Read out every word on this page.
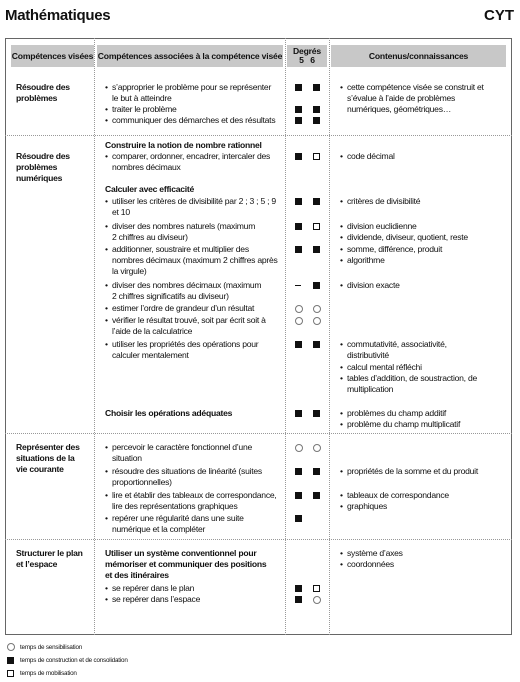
Mathématiques	CYT
Compétences visées Compétences associées à la compétence visée Degrés
5 6	Contenus/connaissances
Résoudre des
problèmes
• s’approprier le problème pour se représenter
le but à atteindre
• traiter le problème
• communiquer des démarches et des résultats
• cette compétence visée se construit et
s’évalue à l’aide de problèmes
numériques, géométriques…
Résoudre des
problèmes
numériques
Construire la notion de nombre rationnel
• comparer, ordonner, encadrer, intercaler des
nombres décimaux
• code décimal
Calculer avec efficacité
• utiliser les critères de divisibilité par 2 ; 3 ; 5 ; 9
et 10
• critères de divisibilité
• diviser des nombres naturels (maximum
2 chiffres au diviseur)
• division euclidienne
• dividende, diviseur, quotient, reste
• additionner, soustraire et multiplier des
nombres décimaux (maximum 2 chiffres après
la virgule)
• somme, différence, produit
• algorithme
• diviser des nombres décimaux (maximum
2 chiffres significatifs au diviseur)
• division exacte
• estimer l’ordre de grandeur d’un résultat
• vérifier le résultat trouvé, soit par écrit soit à
l’aide de la calculatrice
• utiliser les propriétés des opérations pour
calculer mentalement
• commutativité, associativité,
distributivité
• calcul mental réfléchi
• tables d’addition, de soustraction, de
multiplication
Choisir les opérations adéquates
•	problèmes du champ additif
• problème du champ multiplicatif
Représenter des
situations de la
vie courante
• percevoir le caractère fonctionnel d’une
situation
• résoudre des situations de linéarité (suites
proportionnelles)
• propriétés de la somme et du produit
• lire et établir des tableaux de correspondance,
lire des représentations graphiques
• tableaux de correspondance
• graphiques
• repérer une régularité dans une suite
numérique et la compléter
Structurer le plan
et l’espace
Utiliser un système conventionnel pour
mémoriser et communiquer des positions
et des itinéraires
• se repérer dans le plan
• se repérer dans l’espace
• système d’axes
• coordonnées
temps de sensibilisation
temps de construction et de consolidation
temps de mobilisation
